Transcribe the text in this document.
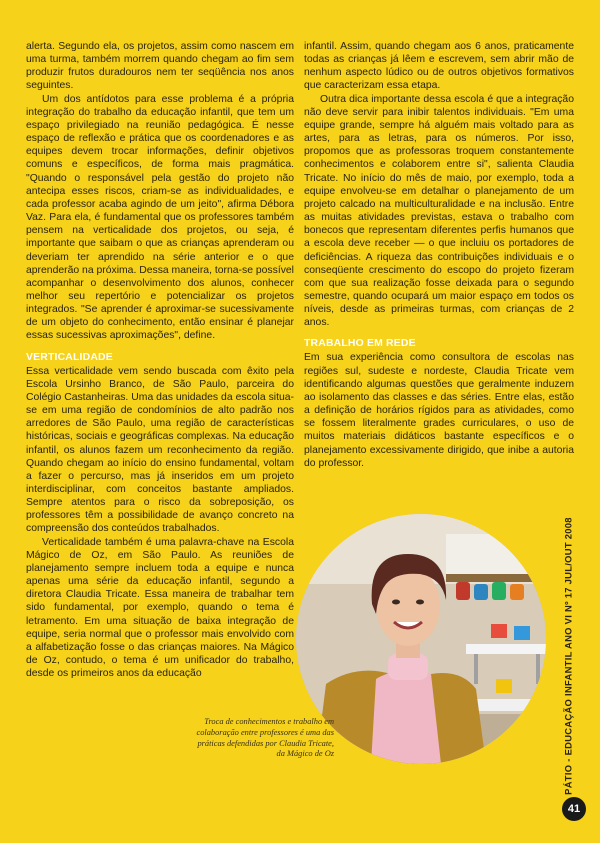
alerta. Segundo ela, os projetos, assim como nascem em uma turma, também morrem quando chegam ao fim sem produzir frutos duradouros nem ter seqüência nos anos seguintes.

Um dos antídotos para esse problema é a própria integração do trabalho da educação infantil, que tem um espaço privilegiado na reunião pedagógica. É nesse espaço de reflexão e prática que os coordenadores e as equipes devem trocar informações, definir objetivos comuns e específicos, de forma mais pragmática. "Quando o responsável pela gestão do projeto não antecipa esses riscos, criam-se as individualidades, e cada professor acaba agindo de um jeito", afirma Débora Vaz. Para ela, é fundamental que os professores também pensem na verticalidade dos projetos, ou seja, é importante que saibam o que as crianças aprenderam ou deveriam ter aprendido na série anterior e o que aprenderão na próxima. Dessa maneira, torna-se possível acompanhar o desenvolvimento dos alunos, conhecer melhor seu repertório e potencializar os projetos integrados. "Se aprender é aproximar-se sucessivamente de um objeto do conhecimento, então ensinar é planejar essas sucessivas aproximações", define.

VERTICALIDADE

Essa verticalidade vem sendo buscada com êxito pela Escola Ursinho Branco, de São Paulo, parceira do Colégio Castanheiras. Uma das unidades da escola situa-se em uma região de condomínios de alto padrão nos arredores de São Paulo, uma região de características históricas, sociais e geográficas complexas. Na educação infantil, os alunos fazem um reconhecimento da região. Quando chegam ao início do ensino fundamental, voltam a fazer o percurso, mas já inseridos em um projeto interdisciplinar, com conceitos bastante ampliados. Sempre atentos para o risco da sobreposição, os professores têm a possibilidade de avanço concreto na compreensão dos conteúdos trabalhados.

Verticalidade também é uma palavra-chave na Escola Mágico de Oz, em São Paulo. As reuniões de planejamento sempre incluem toda a equipe e nunca apenas uma série da educação infantil, segundo a diretora Claudia Tricate. Essa maneira de trabalhar tem sido fundamental, por exemplo, quando o tema é letramento. Em uma situação de baixa integração de equipe, seria normal que o professor mais envolvido com a alfabetização fosse o das crianças maiores. Na Mágico de Oz, contudo, o tema é um unificador do trabalho, desde os primeiros anos da educação

infantil. Assim, quando chegam aos 6 anos, praticamente todas as crianças já lêem e escrevem, sem abrir mão de nenhum aspecto lúdico ou de outros objetivos formativos que caracterizam essa etapa.

Outra dica importante dessa escola é que a integração não deve servir para inibir talentos individuais. "Em uma equipe grande, sempre há alguém mais voltado para as artes, para as letras, para os números. Por isso, propomos que as professoras troquem constantemente conhecimentos e colaborem entre si", salienta Claudia Tricate. No início do mês de maio, por exemplo, toda a equipe envolveu-se em detalhar o planejamento de um projeto calcado na multiculturalidade e na inclusão. Entre as muitas atividades previstas, estava o trabalho com bonecos que representam diferentes perfis humanos que a escola deve receber — o que incluiu os portadores de deficiências. A riqueza das contribuições individuais e o conseqüente crescimento do escopo do projeto fizeram com que sua realização fosse deixada para o segundo semestre, quando ocupará um maior espaço em todos os níveis, desde as primeiras turmas, com crianças de 2 anos.

TRABALHO EM REDE

Em sua experiência como consultora de escolas nas regiões sul, sudeste e nordeste, Claudia Tricate vem identificando algumas questões que geralmente induzem ao isolamento das classes e das séries. Entre elas, estão a definição de horários rígidos para as atividades, como se fossem literalmente grades curriculares, o uso de muitos materiais didáticos bastante específicos e o planejamento excessivamente dirigido, que inibe a autoria do professor.

Troca de conhecimentos e trabalho em colaboração entre professores é uma das práticas defendidas por Claudia Tricate, da Mágico de Oz	PÁTIO - EDUCAÇÃO INFANTIL ANO VI Nº 17 JUL/OUT 2008
41
